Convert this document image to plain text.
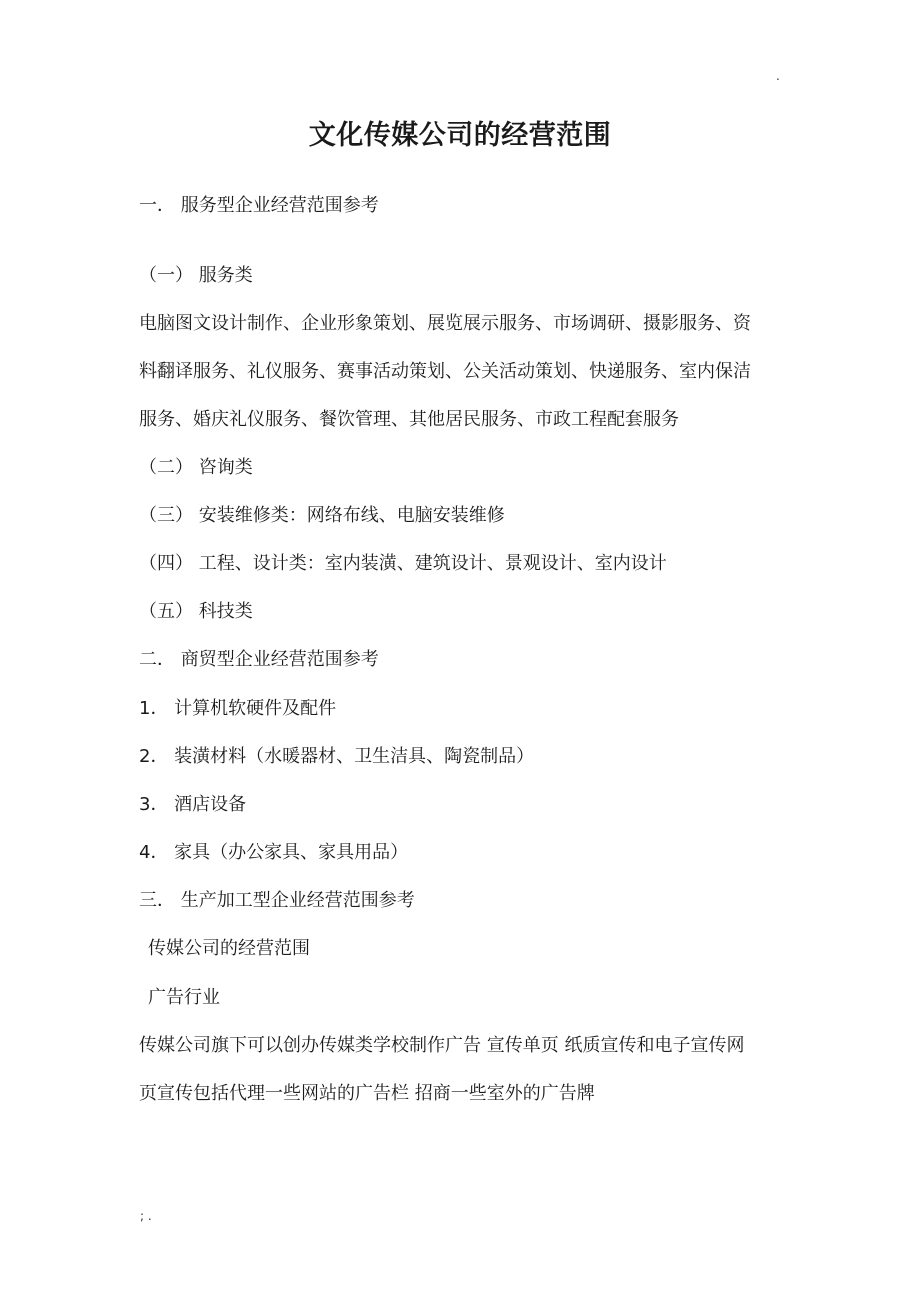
.
文化传媒公司的经营范围
一． 服务型企业经营范围参考
（一） 服务类
电脑图文设计制作、企业形象策划、展览展示服务、市场调研、摄影服务、资
料翻译服务、礼仪服务、赛事活动策划、公关活动策划、快递服务、室内保洁
服务、婚庆礼仪服务、餐饮管理、其他居民服务、市政工程配套服务
（二） 咨询类
（三） 安装维修类：网络布线、电脑安装维修
（四） 工程、设计类：室内装潢、建筑设计、景观设计、室内设计
（五） 科技类
二． 商贸型企业经营范围参考
1． 计算机软硬件及配件
2． 装潢材料（水暖器材、卫生洁具、陶瓷制品）
3． 酒店设备
4． 家具（办公家具、家具用品）
三． 生产加工型企业经营范围参考
传媒公司的经营范围
广告行业
传媒公司旗下可以创办传媒类学校制作广告 宣传单页 纸质宣传和电子宣传网
页宣传包括代理一些网站的广告栏 招商一些室外的广告牌
; .
